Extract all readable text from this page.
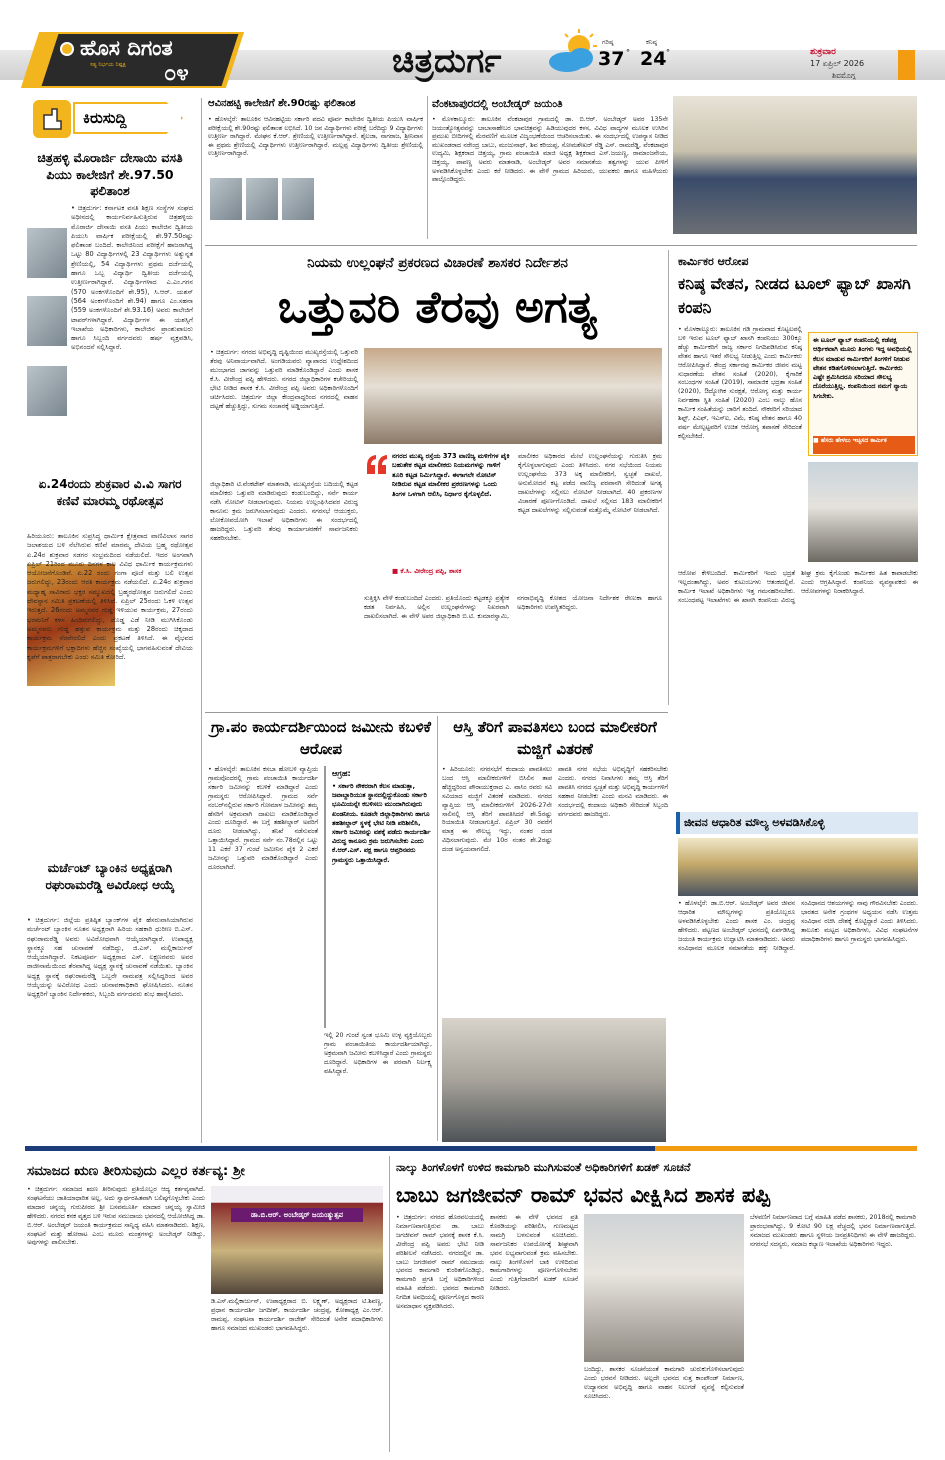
ಹೊಸ ದಿಗಂತ
ಸತ್ಯ ನಿರ್ಭಯ ನಿಷ್ಪಕ್ಷ	೦೪	ಚಿತ್ರದುರ್ಗ	ಗರಿಷ್ಠ
37 °
ಕನಿಷ್ಠ
24 °	ಶುಕ್ರವಾರ
17 ಏಪ್ರಿಲ್ 2026
ಶಿವಮೊಗ್ಗ
ಕಿರುಸುದ್ದಿ
ಚಿತ್ರಹಳ್ಳಿ ಮೊರಾರ್ಜಿ ದೇಸಾಯಿ ವಸತಿ ಪಿಯು ಕಾಲೇಜಿಗೆ ಶೇ.97.50 ಫಲಿತಾಂಶ
• ಚಿತ್ರದುರ್ಗ: ಕರ್ನಾಟಕ ವಸತಿ ಶಿಕ್ಷಣ ಸಂಸ್ಥೆಗಳ ಸಂಘದ ಅಧೀನದಲ್ಲಿ ಕಾರ್ಯನಿರ್ವಹಿಸುತ್ತಿರುವ ಚಿತ್ರಹಳ್ಳಿಯ ಮೊರಾರ್ಜಿ ದೇಸಾಯಿ ವಸತಿ ಪಿಯು ಕಾಲೇಜಿನ ದ್ವಿತೀಯ ಪಿಯುಸಿ ವಾರ್ಷಿಕ ಪರೀಕ್ಷೆಯಲ್ಲಿ ಶೇ.97.50ರಷ್ಟು ಫಲಿತಾಂಶ ಬಂದಿದೆ. ಕಾಲೇಜಿನಿಂದ ಪರೀಕ್ಷೆಗೆ ಹಾಜರಾಗಿದ್ದ ಒಟ್ಟು 80 ವಿದ್ಯಾರ್ಥಿಗಳಲ್ಲಿ 23 ವಿದ್ಯಾರ್ಥಿಗಳು ಅತ್ಯುನ್ನತ ಶ್ರೇಣಿಯಲ್ಲಿ, 54 ವಿದ್ಯಾರ್ಥಿಗಳು ಪ್ರಥಮ ದರ್ಜೆಯಲ್ಲಿ ಹಾಗೂ ಒಬ್ಬ ವಿದ್ಯಾರ್ಥಿ ದ್ವಿತೀಯ ದರ್ಜೆಯಲ್ಲಿ ಉತ್ತೀರ್ಣರಾಗಿದ್ದಾರೆ. ವಿದ್ಯಾರ್ಥಿಗಳಾದ ಎ.ಎಂ.ಗಗನ (570 ಅಂಕಗಳೊಂದಿಗೆ ಶೇ.95), ಸಿ.ಆರ್. ಯಶಸ್ (564 ಅಂಕಗಳೊಂದಿಗೆ ಶೇ.94) ಹಾಗೂ ಎಂ.ಸಹನಾ (559 ಅಂಕಗಳೊಂದಿಗೆ ಶೇ.93.16) ಅವರು ಕಾಲೇಜಿಗೆ ಟಾಪರ್‌ಗಳಾಗಿದ್ದಾರೆ. ವಿದ್ಯಾರ್ಥಿಗಳ ಈ ಯಶಸ್ಸಿಗೆ ಇಲಾಖೆಯ ಅಧಿಕಾರಿಗಳು, ಕಾಲೇಜಿನ ಪ್ರಾಂಶುಪಾಲರು ಹಾಗೂ ಸಿಬ್ಬಂದಿ ವರ್ಗದವರು ಹರ್ಷ ವ್ಯಕ್ತಪಡಿಸಿ, ಅಭಿನಂದನೆ ಸಲ್ಲಿಸಿದ್ದಾರೆ.
ಏ.24ರಂದು ಶುಕ್ರವಾರ ವಿ.ವಿ ಸಾಗರ ಕಣಿವೆ ಮಾರಮ್ಮ ರಥೋತ್ಸವ
ಹಿರಿಯೂರು: ತಾಲೂಕಿನ ಸುಪ್ರಸಿದ್ಧ ಧಾರ್ಮಿಕ ಕ್ಷೇತ್ರವಾದ ವಾಣಿವಿಲಾಸ ಸಾಗರ ಜಲಾಶಯದ ಬಳಿ ನೆಲೆಸಿರುವ ಕಣಿವೆ ಮಾರಮ್ಮ ದೇವಿಯ ಬ್ರಹ್ಮ ರಥೋತ್ಸವ ಏ.24ರ ಶುಕ್ರವಾರ ಸಡಗರ ಸಂಭ್ರಮದಿಂದ ನಡೆಯಲಿದೆ. ಇದರ ಅಂಗವಾಗಿ ಏಪ್ರಿಲ್ 21ರಿಂದ ಮೂರು ದಿನಗಳ ಕಾಲ ವಿವಿಧ ಧಾರ್ಮಿಕ ಕಾರ್ಯಕ್ರಮಗಳು ಆಯೋಜನೆಗೊಂಡಿವೆ. ಏ.22 ರಂದು ಗಂಗಾ ಪೂಜೆ ಮತ್ತು ಬಲಿ ಉತ್ಸವ ಜರುಗಲಿದ್ದು, 23ರಂದು ಆರತಿ ಕಾರ್ಯಕ್ರಮ ನಡೆಯಲಿದೆ. ಏ.24ರ ಶುಕ್ರವಾರ ಮಧ್ಯಾಹ್ನ ಸಾವಿರಾರು ಭಕ್ತರ ಸಮ್ಮುಖದಲ್ಲಿ ಬ್ರಹ್ಮರಥೋತ್ಸವ ಜರುಗಲಿದೆ ಎಂದು ದೇವಸ್ಥಾನ ಸಮಿತಿ ಪ್ರಕಟಣೆಯಲ್ಲಿ ತಿಳಿಸಿದೆ. ಏಪ್ರಿಲ್ 25ರಂದು ಓಕಳಿ ಉತ್ಸವ ಇರುತ್ತದೆ. 26ರಂದು ಅಮ್ಮನವರ ಗುಡ್ಡ ಇಳಿಯುವ ಕಾರ್ಯಕ್ರಮ, 27ರಂದು ಭರಮನಿಗೆ ಕಳಸ ಹಿಂದಿರುಗಲಿದ್ದು, ದೊಡ್ಡ ಎಡೆ ನೀಡಿ ಮುಗಿಸಿಕೊಂಡು ಅಮ್ಮನವರು ಗುಡ್ಡ ಹತ್ತುವ ಕಾರ್ಯಕ್ರಮ ಮತ್ತು 28ರಂದು ಚಿಕ್ಕದಾದ ಕಾರ್ಯಕ್ರಮ ನೆರವೇರಲಿದೆ ಎಂದು ಪ್ರಕಟಣೆ ತಿಳಿಸಿದೆ. ಈ ವೈಭವದ ಕಾರ್ಯಕ್ರಮಗಳಿಗೆ ಭಕ್ತಾದಿಗಳು ಹೆಚ್ಚಿನ ಸಂಖ್ಯೆಯಲ್ಲಿ ಭಾಗವಹಿಸುವಂತೆ ದೇವಿಯ ಕೃಪೆಗೆ ಪಾತ್ರರಾಗಬೇಕು ಎಂದು ಸಮಿತಿ ಕೋರಿದೆ.
ಮರ್ಚೆಂಟ್ ಬ್ಯಾಂಕಿನ ಅಧ್ಯಕ್ಷರಾಗಿ ರಘುರಾಮರೆಡ್ಡಿ ಅವಿರೋಧ ಆಯ್ಕೆ
• ಚಿತ್ರದುರ್ಗ: ಜಿಲ್ಲೆಯ ಪ್ರತಿಷ್ಠಿತ ಬ್ಯಾಂಕ್‌ಗಳ ಪೈಕಿ ಹೆಸರುವಾಸಿಯಾಗಿರುವ ಮರ್ಚೆಂಟ್ ಬ್ಯಾಂಕಿನ ನೂತನ ಅಧ್ಯಕ್ಷರಾಗಿ ಹಿರಿಯ ಸಹಕಾರಿ ಧುರೀಣ ಬಿ.ಎಸ್. ರಘುರಾಮರೆಡ್ಡಿ ಅವರು ಅವಿರೋಧವಾಗಿ ಆಯ್ಕೆಯಾಗಿದ್ದಾರೆ. ಉಪಾಧ್ಯಕ್ಷ ಸ್ಥಾನಕ್ಕೂ ಸಹ ಚುನಾವಣೆ ನಡೆದಿದ್ದು, ಜಿ.ಎಸ್. ಮಲ್ಲಿಕಾರ್ಜುನ್ ಆಯ್ಕೆಯಾಗಿದ್ದಾರೆ. ನಿಕಟಪೂರ್ವ ಅಧ್ಯಕ್ಷರಾದ ಎಸ್. ಲಕ್ಷ್ಮಣರವರು ಅವರ ರಾಜೀನಾಮೆಯಿಂದ ತೆರವಾಗಿದ್ದ ಅಧ್ಯಕ್ಷ ಸ್ಥಾನಕ್ಕೆ ಚುನಾವಣೆ ನಡೆಯಿತು. ಬ್ಯಾಂಕಿನ ಅಧ್ಯಕ್ಷ ಸ್ಥಾನಕ್ಕೆ ರಘುರಾಮರೆಡ್ಡಿ ಒಬ್ಬರೇ ನಾಮಪತ್ರ ಸಲ್ಲಿಸಿದ್ದರಿಂದ ಅವರ ಆಯ್ಕೆಯನ್ನು ಅವಿರೋಧ ಎಂದು ಚುನಾವಣಾಧಿಕಾರಿ ಘೋಷಿಸಿದರು. ನೂತನ ಅಧ್ಯಕ್ಷರಿಗೆ ಬ್ಯಾಂಕಿನ ನಿರ್ದೇಶಕರು, ಸಿಬ್ಬಂದಿ ವರ್ಗದವರು ಶುಭ ಹಾರೈಸಿದರು.
ಆವಿನಹಟ್ಟಿ ಕಾಲೇಜಿಗೆ ಶೇ.90ರಷ್ಟು ಫಲಿತಾಂಶ
• ಹೊಳಲ್ಕೆರೆ: ತಾಲೂಕಿನ ಆವಿನಹಟ್ಟಿಯ ಸರ್ಕಾರಿ ಪದವಿ ಪೂರ್ವ ಕಾಲೇಜಿನ ದ್ವಿತೀಯ ಪಿಯುಸಿ ವಾರ್ಷಿಕ ಪರೀಕ್ಷೆಯಲ್ಲಿ ಶೇ.90ರಷ್ಟು ಫಲಿತಾಂಶ ಲಭಿಸಿದೆ. 10 ಜನ ವಿದ್ಯಾರ್ಥಿಗಳು ಪರೀಕ್ಷೆ ಬರೆದಿದ್ದು 9 ವಿದ್ಯಾರ್ಥಿಗಳು ಉತ್ತೀರ್ಣ ರಾಗಿದ್ದಾರೆ. ಮೇಘನ ಕೆ.ಆರ್. ಶ್ರೇಣಿಯಲ್ಲಿ ಉತ್ತೀರ್ಣರಾಗಿದ್ದಾರೆ. ಶೈಲಜಾ, ನಾಗರಾಜ, ಶ್ರೀನಿವಾಸ ಈ ಪ್ರಥಮ ಶ್ರೇಣಿಯಲ್ಲಿ ವಿದ್ಯಾರ್ಥಿಗಳು ಉತ್ತೀರ್ಣರಾಗಿದ್ದಾರೆ. ಮಲ್ಲಪ್ಪ ವಿದ್ಯಾರ್ಥಿಗಳು ದ್ವಿತೀಯ ಶ್ರೇಣಿಯಲ್ಲಿ ಉತ್ತೀರ್ಣರಾಗಿದ್ದಾರೆ.
ವೆಂಕಟಾಪುರದಲ್ಲಿ ಅಂಬೇಡ್ಕರ್ ಜಯಂತಿ
• ಮೊಳಕಾಲ್ಮೂರು: ತಾಲೂಕಿನ ವೆಂಕಟಾಪುರ ಗ್ರಾಮದಲ್ಲಿ ಡಾ. ಬಿ.ಆರ್. ಅಂಬೇಡ್ಕರ್ ಅವರ 135ನೇ ಜಯಂತ್ಯೋತ್ಸವವನ್ನು ಬಾಬಾಸಾಹೇಬರ ಭಾವಚಿತ್ರವನ್ನು ಹಿಡಿಯುವುದರ ಕಳಸ, ವಿವಿಧ ವಾದ್ಯಗಳ ಮೂಲಕ ಉಸಿರಿನ ಪ್ರಮುಖ ಬೀದಿಗಳಲ್ಲಿ ಮೆರವಣಿಗೆ ಮೂಲಕ ವಿಜೃಂಭಣೆಯಿಂದ ಆಚರಿಸಲಾಯಿತು. ಈ ಸಂದರ್ಭದಲ್ಲಿ ಉಪನ್ಯಾಸ ನೀಡಿದ ಮುಖಂಡರಾದ ನರೇಂದ್ರ ಬಾಬು, ಮಂಜುನಾಥ್, ಶಿವ ಕರಿಯಪ್ಪ, ಸೋಮಶೇಖರ್ ರೆಡ್ಡಿ ಎಸ್. ರಾಮರೆಡ್ಡಿ, ವೆಂಕಟಾಪುರ ಉದ್ಯಮಿ, ಶಿಕ್ಷಕರಾದ ಚಿತ್ತಯ್ಯ, ಗ್ರಾಮ ಪಂಚಾಯಿತಿ ಮಾಜಿ ಅಧ್ಯಕ್ಷ ಶಿಕ್ಷಕರಾದ ಎಸ್.ಜಯಣ್ಣ, ರಾಮಾಂಜನೇಯ, ಚಿತ್ತಯ್ಯ, ಪಾಪಣ್ಣ ಅವರು ಮಾತನಾಡಿ, ಅಂಬೇಡ್ಕರ್ ಅವರ ಸಮಾನತೆಯ ತತ್ವಗಳನ್ನು ಯುವ ಪೀಳಿಗೆ ಅಳವಡಿಸಿಕೊಳ್ಳಬೇಕು ಎಂದು ಕರೆ ನೀಡಿದರು. ಈ ವೇಳೆ ಗ್ರಾಮದ ಹಿರಿಯರು, ಯುವಕರು ಹಾಗೂ ಮಹಿಳೆಯರು ಪಾಲ್ಗೊಂಡಿದ್ದರು.
ನಿಯಮ ಉಲ್ಲಂಘನೆ ಪ್ರಕರಣದ ವಿಚಾರಣೆ ಶಾಸಕರ ನಿರ್ದೇಶನ
ಒತ್ತುವರಿ ತೆರವು ಅಗತ್ಯ
• ಚಿತ್ರದುರ್ಗ: ನಗರದ ಅಭಿವೃದ್ಧಿ ದೃಷ್ಟಿಯಿಂದ ಮುಖ್ಯರಸ್ತೆಯಲ್ಲಿ ಒತ್ತುವರಿ ತೆರವು ಅನಿವಾರ್ಯವಾಗಿದೆ. ಅಂಗಡಿಯವರು ವ್ಯಾಪಾರದ ಉದ್ದೇಶದಿಂದ ಮುಂಭಾಗದ ಜಾಗವನ್ನು ಒತ್ತುವರಿ ಮಾಡಿಕೊಂಡಿದ್ದಾರೆ ಎಂದು ಶಾಸಕ ಕೆ.ಸಿ. ವೀರೇಂದ್ರ ಪಪ್ಪಿ ಹೇಳಿದರು. ನಗರದ ಜಿಲ್ಲಾಧಿಕಾರಿಗಳ ಕಚೇರಿಯಲ್ಲಿ ಭೇಟಿ ನೀಡಿದ ಶಾಸಕ ಕೆ.ಸಿ. ವೀರೇಂದ್ರ ಪಪ್ಪಿ ಅವರು ಅಧಿಕಾರಿಗಳೊಂದಿಗೆ ಚರ್ಚಿಸಿದರು. ಚಿತ್ರದುರ್ಗ ಜಿಲ್ಲಾ ಕೇಂದ್ರವಾದ್ದರಿಂದ ನಗರದಲ್ಲಿ ವಾಹನ ದಟ್ಟಣೆ ಹೆಚ್ಚುತ್ತಿದ್ದು, ಸುಗಮ ಸಂಚಾರಕ್ಕೆ ಅಡ್ಡಿಯಾಗುತ್ತಿದೆ.
ಜಿಲ್ಲಾಧಿಕಾರಿ ಟಿ.ವೆಂಕಟೇಶ್ ಮಾತನಾಡಿ, ಮುಖ್ಯರಸ್ತೆಯ ಬದಿಯಲ್ಲಿ ಕಟ್ಟಡ ಮಾಲೀಕರು ಒತ್ತುವರಿ ಮಾಡಿರುವುದು ಕಂಡುಬಂದಿದ್ದು, ಸರ್ವೆ ಕಾರ್ಯ ನಡೆಸಿ ನೋಟಿಸ್ ನೀಡಲಾಗುವುದು. ನಿಯಮ ಉಲ್ಲಂಘಿಸಿದವರ ವಿರುದ್ಧ ಕಾನೂನು ಕ್ರಮ ಜರುಗಿಸಲಾಗುವುದು ಎಂದರು. ನಗರಸಭೆ ಆಯುಕ್ತರು, ಲೋಕೋಪಯೋಗಿ ಇಲಾಖೆ ಅಧಿಕಾರಿಗಳು ಈ ಸಂದರ್ಭದಲ್ಲಿ ಹಾಜರಿದ್ದರು. ಒತ್ತುವರಿ ತೆರವು ಕಾರ್ಯಾಚರಣೆಗೆ ಸಾರ್ವಜನಿಕರು ಸಹಕರಿಸಬೇಕು.
ನಗರದ ಮುಖ್ಯ ರಸ್ತೆಯ 373 ವಾಣಿಜ್ಯ ಮಳಿಗೆಗಳ ಪೈಕಿ ಬಹುತೇಕ ಕಟ್ಟಡ ಮಾಲೀಕರು ನಿಯಮಗಳನ್ನು ಗಾಳಿಗೆ ತೂರಿ ಕಟ್ಟಡ ನಿರ್ಮಿಸಿದ್ದಾರೆ. ಈಗಾಗಲೇ ನೋಟಿಸ್ ನೀಡಿರುವ ಕಟ್ಟಡ ಮಾಲೀಕರ ಪ್ರಕರಣಗಳನ್ನು ಒಂದು ತಿಂಗಳ ಒಳಗಾಗಿ ಆಲಿಸಿ, ನಿರ್ಧಾರ ಕೈಗೊಳ್ಳಲಿದೆ.
■ ಕೆ.ಸಿ. ವೀರೇಂದ್ರ ಪಪ್ಪಿ, ಶಾಸಕ
ಮಾಲೀಕರ ಅಧಿಕಾರದ ಮೇಲೆ ಉಲ್ಲಂಘನೆಯನ್ನು ಗುರುತಿಸಿ ಕ್ರಮ ಕೈಗೊಳ್ಳಲಾಗುವುದು ಎಂದು ತಿಳಿಸಿದರು. ನಗರ ಸಭೆಯಿಂದ ನಿಯಮ ಉಲ್ಲಂಘನೆಯ 373 ಅಕ್ಕ ಮಾಲೀಕರಿಗೆ, ಸ್ವಚ್ಛತೆ ದಾಖಲೆ, ಅನುಮೋದನೆ ಕಟ್ಟ ಪಡೆದ ವಾಣಿಜ್ಯ ಪರವಾನಗಿ ಸೇರಿದಂತೆ ಅಗತ್ಯ ದಾಖಲೆಗಳನ್ನು ಸಲ್ಲಿಸಲು ನೋಟಿಸ್ ನೀಡಲಾಗಿದೆ. 40 ಪ್ರಕರಣಗಳ ವಿಚಾರಣೆ ಪೂರ್ಣಗೊಂಡಿದೆ. ದಾಖಲೆ ಸಲ್ಲಿಸದ 183 ಮಾಲೀಕರಿಗೆ ಕಟ್ಟಡ ದಾಖಲೆಗಳನ್ನು ಸಲ್ಲಿಸುವಂತೆ ಮತ್ತೊಮ್ಮೆ ನೋಟಿಸ್ ನೀಡಲಾಗಿದೆ.
ಸುತ್ತಿಕ್ಕಿಸಿ ವೇಳೆ ಕಂಡುಬಂದಿದೆ ಎಂದರು. ಪ್ರತಿಯೊಂದು ಕಟ್ಟಡಕ್ಕೂ ಪ್ರತ್ಯೇಕ ಕಡತ ನಿರ್ವಹಿಸಿ, ಅಲ್ಲಿನ ಉಲ್ಲಂಘನೆಗಳನ್ನು ನಿಖರವಾಗಿ ದಾಖಲಿಸಲಾಗಿದೆ. ಈ ವೇಳೆ ಅಪರ ಜಿಲ್ಲಾಧಿಕಾರಿ ಬಿ.ಟಿ. ಕುಮಾರಸ್ವಾಮಿ, ನಗರಾಭಿವೃದ್ಧಿ ಕೋಶದ ಯೋಜನಾ ನಿರ್ದೇಶಕ ರೇಣುಕಾ ಹಾಗೂ ಅಧಿಕಾರಿಗಳು ಉಪಸ್ಥಿತರಿದ್ದರು.
ಕಾರ್ಮಿಕರ ಆರೋಪ
ಕನಿಷ್ಠ ವೇತನ, ನೀಡದ ಟೂಲ್ ಫ್ಯಾಬ್ ಖಾಸಗಿ ಕಂಪನಿ
• ಮೊಳಕಾಲ್ಮೂರು: ತಾಲೂಕಿನ ಗಡಿ ಗ್ರಾಮವಾದ ಕೊಟ್ಟಲಪಲ್ಲಿ ಬಳಿ ಇರುವ ಟೂಲ್ ಫ್ಯಾಬ್ ಖಾಸಗಿ ಕಂಪನಿಯು 300ಕ್ಕೂ ಹೆಚ್ಚು ಕಾರ್ಮಿಕರಿಗೆ ರಾಜ್ಯ ಸರ್ಕಾರ ನಿಗದಿಪಡಿಸಿರುವ ಕನಿಷ್ಠ ವೇತನ ಹಾಗೂ ಇತರೆ ಸೌಲಭ್ಯ ನೀಡುತ್ತಿಲ್ಲ ಎಂದು ಕಾರ್ಮಿಕರು ಆರೋಪಿಸಿದ್ದಾರೆ. ಕೇಂದ್ರ ಸರ್ಕಾರವು ಕಾರ್ಮಿಕರ ಜೀವನ ಮಟ್ಟ ಸುಧಾರಣೆಯ ವೇತನ ಸಂಹಿತೆ (2020), ಕೈಗಾರಿಕೆ ಸಂಬಂಧಗಳ ಸಂಹಿತೆ (2019), ಸಾಮಾಜಿಕ ಭದ್ರತಾ ಸಂಹಿತೆ (2020), ಔದ್ಯೋಗಿಕ ಸುರಕ್ಷತೆ, ಆರೋಗ್ಯ ಮತ್ತು ಕಾರ್ಯ ನಿರ್ವಹಣಾ ಸ್ಥಿತಿ ಸಂಹಿತೆ (2020) ಎಂಬ ನಾಲ್ಕು ಹೊಸ ಕಾರ್ಮಿಕ ಸಂಹಿತೆಯನ್ನು ಜಾರಿಗೆ ತಂದಿದೆ. ನೌಕರರಿಗೆ ಸರಿಯಾದ ಶಿಫ್ಟ್, ಪಿಎಫ್, ಇಎಸ್‌ಐ, ವಿಮೆ, ಕನಿಷ್ಠ ವೇತನ ಹಾಗೂ 40 ವರ್ಷ ಮೇಲ್ಪಟ್ಟವರಿಗೆ ಉಚಿತ ಆರೋಗ್ಯ ತಪಾಸಣೆ ಸೇರಿದಂತೆ ಕಲ್ಪಿಸಬೇಕಿದೆ.
ಈ ಟೂಲ್ ಫ್ಯಾಬ್ ಕಂಪನಿಯಲ್ಲಿ ಕಡೆಪಕ್ಷ ಆರ್ಥಿಕವಾಗಿ ಮೂರು ತಿಂಗಳು ಇದ್ದ ಅವಧಿಯಲ್ಲಿ ಕೆಲಸ ಮಾಡುವ ಕಾರ್ಮಿಕರಿಗೆ ತಿಂಗಳಿಗೆ ನೀಡುವ ವೇತನ ಕಡಿತಗೊಳಿಸಲಾಗುತ್ತಿದೆ. ಕಾರ್ಮಿಕರು ಎಷ್ಟೇ ಶ್ರಮಿಸಿದರೂ ಸರಿಯಾದ ಸೌಲಭ್ಯ ದೊರೆಯುತ್ತಿಲ್ಲ. ಕಂಪನಿಯಿಂದ ನಮಗೆ ನ್ಯಾಯ ಸಿಗಬೇಕು.
■ ಹೆಸರು ಹೇಳಲು ಇಚ್ಛಿಸದ ಕಾರ್ಮಿಕ
ಆರೋಪ ಕೇಳಿಬಂದಿದೆ. ಕಾರ್ಮಿಕರಿಗೆ ಇಂದು ಭದ್ರತೆ ಇಲ್ಲದಂತಾಗಿದ್ದು, ಅವರ ಕುಟುಂಬಗಳು ಆತಂಕದಲ್ಲಿವೆ. ಕಾರ್ಮಿಕ ಇಲಾಖೆ ಅಧಿಕಾರಿಗಳು ಇತ್ತ ಗಮನಹರಿಸಬೇಕು. ಸಂಬಂಧಪಟ್ಟ ಇಲಾಖೆಗಳು ಈ ಖಾಸಗಿ ಕಂಪನಿಯ ವಿರುದ್ಧ ಶೀಘ್ರ ಕ್ರಮ ಕೈಗೊಂಡು ಕಾರ್ಮಿಕರ ಹಿತ ಕಾಪಾಡಬೇಕು ಎಂದು ಆಗ್ರಹಿಸಿದ್ದಾರೆ. ಕಂಪನಿಯ ವ್ಯವಸ್ಥಾಪಕರು ಈ ಆರೋಪಗಳನ್ನು ನಿರಾಕರಿಸಿದ್ದಾರೆ.
ಗ್ರಾ.ಪಂ ಕಾರ್ಯದರ್ಶಿಯಿಂದ ಜಮೀನು ಕಬಳಿಕೆ ಆರೋಪ
• ಹೊಳಲ್ಕೆರೆ: ತಾಲೂಕಿನ ಕಸಬಾ ಹೋಬಳಿ ವ್ಯಾಪ್ತಿಯ ಗ್ರಾಮವೊಂದರಲ್ಲಿ ಗ್ರಾಮ ಪಂಚಾಯಿತಿ ಕಾರ್ಯದರ್ಶಿ ಸರ್ಕಾರಿ ಜಮೀನನ್ನು ಕಬಳಿಕೆ ಮಾಡಿದ್ದಾರೆ ಎಂದು ಗ್ರಾಮಸ್ಥರು ಆರೋಪಿಸಿದ್ದಾರೆ. ಗ್ರಾಮದ ಸರ್ವೆ ನಂಬರ್‌ನಲ್ಲಿರುವ ಸರ್ಕಾರಿ ಗೋಮಾಳ ಜಮೀನನ್ನು ತಮ್ಮ ಹೆಸರಿಗೆ ಅಕ್ರಮವಾಗಿ ದಾಖಲು ಮಾಡಿಕೊಂಡಿದ್ದಾರೆ ಎಂದು ದೂರಿದ್ದಾರೆ. ಈ ಬಗ್ಗೆ ತಹಶೀಲ್ದಾರ್ ಅವರಿಗೆ ದೂರು ನೀಡಲಾಗಿದ್ದು, ತನಿಖೆ ನಡೆಸುವಂತೆ ಒತ್ತಾಯಿಸಿದ್ದಾರೆ. ಗ್ರಾಮದ ಸರ್ವೆ ನಂ.78ರಲ್ಲಿನ ಒಟ್ಟು 11 ಎಕರೆ 37 ಗುಂಟೆ ಜಮೀನಿನ ಪೈಕಿ 2 ಎಕರೆ ಜಮೀನನ್ನು ಒತ್ತುವರಿ ಮಾಡಿಕೊಂಡಿದ್ದಾರೆ ಎಂದು ದೂರಲಾಗಿದೆ.
ಆಗ್ರಹ:
• ಸರ್ಕಾರಿ ನೌಕರರಾಗಿ ಕೆಲಸ ಮಾಡುತ್ತಾ, ಜವಾಬ್ದಾರಿಯುತ ಸ್ಥಾನದಲ್ಲಿದ್ದುಕೊಂಡು ಸರ್ಕಾರಿ ಭೂಮಿಯನ್ನೇ ಕಬಳಿಸಲು ಮುಂದಾಗಿರುವುದು ಖಂಡನೀಯ. ಕೂಡಲೇ ಜಿಲ್ಲಾಧಿಕಾರಿಗಳು ಹಾಗೂ ತಹಶೀಲ್ದಾರ್ ಸ್ಥಳಕ್ಕೆ ಭೇಟಿ ನೀಡಿ ಪರಿಶೀಲಿಸಿ, ಸರ್ಕಾರಿ ಜಮೀನನ್ನು ವಶಕ್ಕೆ ಪಡೆದು ಕಾರ್ಯದರ್ಶಿ ವಿರುದ್ಧ ಕಾನೂನು ಕ್ರಮ ಜರುಗಿಸಬೇಕು ಎಂದು ಕೆ.ಆರ್.ಎಸ್. ಪಕ್ಷ ಹಾಗೂ ಆಪ್ತರಿನವರು ಗ್ರಾಮಸ್ಥರು ಒತ್ತಾಯಿಸಿದ್ದಾರೆ.
ಇಲ್ಲಿ 20 ಗುಂಟೆ ಸ್ವಂತ ಭೂಮಿ ಉಳ್ಳ ವ್ಯಕ್ತಿಯೊಬ್ಬರು ಗ್ರಾಮ ಪಂಚಾಯಿತಿಯ ಕಾರ್ಯದರ್ಶಿಯಾಗಿದ್ದು, ಅಕ್ರಮವಾಗಿ ಜಮೀನು ಕಬಳಿಸಿದ್ದಾರೆ ಎಂದು ಗ್ರಾಮಸ್ಥರು ದೂರಿದ್ದಾರೆ. ಅಧಿಕಾರಿಗಳ ಈ ಪರವಾಗಿ ನಿರ್ಲಕ್ಷ್ಯ ವಹಿಸಿದ್ದಾರೆ.
ಆಸ್ತಿ ತೆರಿಗೆ ಪಾವತಿಸಲು ಬಂದ ಮಾಲೀಕರಿಗೆ ಮಜ್ಜಿಗೆ ವಿತರಣೆ
• ಹಿರಿಯೂರು: ನಗರಸಭೆಗೆ ಕಂದಾಯ ಪಾವತಿಸಲು ಬಂದ ಆಸ್ತಿ ಮಾಲೀಕರುಗಳಿಗೆ ಬಿಸಿಲಿನ ತಾಪ ಹೆಚ್ಚಿದ್ದರಿಂದ ಪೌರಾಯುಕ್ತರಾದ ಎ. ವಾಸಿಂ ರವರು ಸವಿ ಸವಿಯಾದ ಮಜ್ಜಿಗೆ ವಿತರಣೆ ಮಾಡಿದರು. ನಗರದ ವ್ಯಾಪ್ತಿಯ ಆಸ್ತಿ ಮಾಲೀಕರುಗಳಿಗೆ 2026-27ನೇ ಸಾಲಿನಲ್ಲಿ ಆಸ್ತಿ ತೆರಿಗೆ ಪಾವತಿಸಿದರೆ ಶೇ.5ರಷ್ಟು ರಿಯಾಯಿತಿ ನೀಡಲಾಗುತ್ತಿದೆ. ಏಪ್ರಿಲ್ 30 ರವರೆಗೆ ಮಾತ್ರ ಈ ಸೌಲಭ್ಯ ಇದ್ದು, ನಂತರ ದಂಡ ವಿಧಿಸಲಾಗುವುದು. ಮೇ 10ರ ನಂತರ ಶೇ.2ರಷ್ಟು ದಂಡ ಅನ್ವಯವಾಗಲಿದೆ.
ಪಾವತಿ ನಗರ ಸಭೆಯ ಅಭಿವೃದ್ಧಿಗೆ ಸಹಕರಿಸಬೇಕು ಎಂದರು. ನಗರದ ನಿವಾಸಿಗಳು ತಮ್ಮ ಆಸ್ತಿ ತೆರಿಗೆ ಪಾವತಿಸಿ ನಗರದ ಸ್ವಚ್ಛತೆ ಮತ್ತು ಅಭಿವೃದ್ಧಿ ಕಾರ್ಯಗಳಿಗೆ ಸಹಕಾರ ನೀಡಬೇಕು ಎಂದು ಮನವಿ ಮಾಡಿದರು. ಈ ಸಂದರ್ಭದಲ್ಲಿ ಕಂದಾಯ ಅಧಿಕಾರಿ ಸೇರಿದಂತೆ ಸಿಬ್ಬಂದಿ ವರ್ಗದವರು ಹಾಜರಿದ್ದರು.
ಜೀವನ ಆಧಾರಿತ ಮೌಲ್ಯ ಅಳವಡಿಸಿಕೊಳ್ಳಿ
• ಹೊಳಲ್ಕೆರೆ: ಡಾ.ಬಿ.ಆರ್. ಅಂಬೇಡ್ಕರ್ ಅವರ ಜೀವನ ಆಧಾರಿತ ಮೌಲ್ಯಗಳನ್ನು ಪ್ರತಿಯೊಬ್ಬರೂ ಅಳವಡಿಸಿಕೊಳ್ಳಬೇಕು ಎಂದು ಶಾಸಕ ಎಂ. ಚಂದ್ರಪ್ಪ ಹೇಳಿದರು. ಪಟ್ಟಣದ ಅಂಬೇಡ್ಕರ್ ಭವನದಲ್ಲಿ ಏರ್ಪಡಿಸಿದ್ದ ಜಯಂತಿ ಕಾರ್ಯಕ್ರಮ ಉದ್ಘಾಟಿಸಿ ಮಾತನಾಡಿದರು. ಅವರು ಸಂವಿಧಾನದ ಮೂಲಕ ಸಮಾನತೆಯ ಹಕ್ಕು ನೀಡಿದ್ದಾರೆ. ಸಂವಿಧಾನದ ಆಶಯಗಳನ್ನು ನಾವು ಗೌರವಿಸಬೇಕು ಎಂದರು. ಭಾರತದ ಅನೇಕ ಗ್ರಂಥಗಳ ಅಧ್ಯಯನ ನಡೆಸಿ ಉತ್ತಮ ಸಂವಿಧಾನ ರಚಿಸಿ ದೇಶಕ್ಕೆ ಕೊಟ್ಟಿದ್ದಾರೆ ಎಂದು ತಿಳಿಸಿದರು. ತಾಲೂಕು ಮಟ್ಟದ ಅಧಿಕಾರಿಗಳು, ವಿವಿಧ ಸಂಘಟನೆಗಳ ಪದಾಧಿಕಾರಿಗಳು ಹಾಗೂ ಗ್ರಾಮಸ್ಥರು ಭಾಗವಹಿಸಿದ್ದರು.
ಸಮಾಜದ ಋಣ ತೀರಿಸುವುದು ಎಲ್ಲರ ಕರ್ತವ್ಯ: ಶ್ರೀ
• ಚಿತ್ರದುರ್ಗ: ಸಮಾಜದ ಋಣ ತೀರಿಸುವುದು ಪ್ರತಿಯೊಬ್ಬರ ಆದ್ಯ ಕರ್ತವ್ಯವಾಗಿದೆ. ಸಂಘಟನೆಯು ಜಾತಿಯಾಧಾರಿತ ಅಲ್ಲ, ಅದು ಸ್ವಾರ್ಥರಹಿತವಾಗಿ ಬಲಿಷ್ಠಗೊಳ್ಳಬೇಕು ಎಂದು ಮಾದಾರ ಚನ್ನಯ್ಯ ಗುರುಪೀಠದ ಶ್ರೀ ಬಸವಮೂರ್ತಿ ಮಾದಾರ ಚನ್ನಯ್ಯ ಸ್ವಾಮೀಜಿ ಹೇಳಿದರು. ನಗರದ ಕನಕ ವೃತ್ತದ ಬಳಿ ಇರುವ ಸಮುದಾಯ ಭವನದಲ್ಲಿ ಆಯೋಜಿಸಿದ್ದ ಡಾ. ಬಿ.ಆರ್. ಅಂಬೇಡ್ಕರ್ ಜಯಂತಿ ಕಾರ್ಯಕ್ರಮದ ಸಾನ್ನಿಧ್ಯ ವಹಿಸಿ ಮಾತನಾಡಿದರು. ಶಿಕ್ಷಣ, ಸಂಘಟನೆ ಮತ್ತು ಹೋರಾಟ ಎಂಬ ಮೂರು ಮಂತ್ರಗಳನ್ನು ಅಂಬೇಡ್ಕರ್ ನೀಡಿದ್ದು, ಅವುಗಳನ್ನು ಪಾಲಿಸಬೇಕು.
ಡಾ.ಬಿ.ಆರ್. ಅಂಬೇಡ್ಕರ್ ಜಯಂತ್ಯುತ್ಸವ
ಡಿ.ಎಸ್.ಮಲ್ಲಿಕಾರ್ಜುನ್, ಉಪಾಧ್ಯಕ್ಷರಾದ ಬಿ. ಲಕ್ಷ್ಮಣ್, ಅಧ್ಯಕ್ಷರಾದ ಟಿ.ಶಿವಣ್ಣ, ಪ್ರಧಾನ ಕಾರ್ಯದರ್ಶಿ ಜಗದೀಶ್, ಕಾರ್ಯದರ್ಶಿ ಚಂದ್ರಪ್ಪ, ಕೋಶಾಧ್ಯಕ್ಷ ಎಂ.ಆರ್. ರಾಮಪ್ಪ, ಸಂಘಟನಾ ಕಾರ್ಯದರ್ಶಿ ರಾಜೇಶ್ ಸೇರಿದಂತೆ ಅನೇಕ ಪದಾಧಿಕಾರಿಗಳು ಹಾಗೂ ಸಮಾಜದ ಮುಖಂಡರು ಭಾಗವಹಿಸಿದ್ದರು.
ನಾಲ್ಕು ತಿಂಗಳೊಳಗೆ ಉಳಿದ ಕಾಮಗಾರಿ ಮುಗಿಸುವಂತೆ ಅಧಿಕಾರಿಗಳಿಗೆ ಖಡಕ್ ಸೂಚನೆ
ಬಾಬು ಜಗಜೀವನ್ ರಾಮ್ ಭವನ ವೀಕ್ಷಿಸಿದ ಶಾಸಕ ಪಪ್ಪಿ
• ಚಿತ್ರದುರ್ಗ: ನಗರದ ಹೊರವಲಯದಲ್ಲಿ ನಿರ್ಮಾಣವಾಗುತ್ತಿರುವ ಡಾ. ಬಾಬು ಜಗಜೀವನ್ ರಾಮ್ ಭವನಕ್ಕೆ ಶಾಸಕ ಕೆ.ಸಿ. ವೀರೇಂದ್ರ ಪಪ್ಪಿ ಅವರು ಭೇಟಿ ನೀಡಿ ಪರಿಶೀಲನೆ ನಡೆಸಿದರು. ನಗರದಲ್ಲಿನ ಡಾ. ಬಾಬು ಜಗಜೀವನ್ ರಾಮ್ ಸಮುದಾಯ ಭವನದ ಕಾಮಗಾರಿ ಕುಂಠಿತಗೊಂಡಿದ್ದು, ಕಾಮಗಾರಿ ಪ್ರಗತಿ ಬಗ್ಗೆ ಅಧಿಕಾರಿಗಳಿಂದ ಮಾಹಿತಿ ಪಡೆದರು. ಭವನದ ಕಾಮಗಾರಿ ನಿಗದಿತ ಅವಧಿಯಲ್ಲಿ ಪೂರ್ಣಗೊಳ್ಳದ ಕಾರಣ ಅಸಮಾಧಾನ ವ್ಯಕ್ತಪಡಿಸಿದರು.
ಶಾಸಕರು ಈ ವೇಳೆ ಭವನದ ಪ್ರತಿ ಕೊಠಡಿಯನ್ನು ಪರಿಶೀಲಿಸಿ, ಗುಣಮಟ್ಟದ ಸಾಮಗ್ರಿ ಬಳಸುವಂತೆ ಸೂಚಿಸಿದರು. ಸಾರ್ವಜನಿಕರ ಉಪಯೋಗಕ್ಕೆ ಶೀಘ್ರವಾಗಿ ಭವನ ಲಭ್ಯವಾಗುವಂತೆ ಕ್ರಮ ವಹಿಸಬೇಕು. ನಾಲ್ಕು ತಿಂಗಳೊಳಗೆ ಬಾಕಿ ಉಳಿದಿರುವ ಕಾಮಗಾರಿಗಳನ್ನು ಪೂರ್ಣಗೊಳಿಸಬೇಕು ಎಂದು ಗುತ್ತಿಗೆದಾರರಿಗೆ ಖಡಕ್ ಸೂಚನೆ ನೀಡಿದರು.
ಬಂದಿದ್ದು, ಶಾಸಕರ ಸೂಚನೆಯಂತೆ ಕಾಮಗಾರಿ ಚುರುಕುಗೊಳಿಸಲಾಗುವುದು ಎಂದು ಭರವಸೆ ನೀಡಿದರು. ಅಲ್ಲದೇ ಭವನದ ಸುತ್ತ ಕಾಂಪೌಂಡ್ ನಿರ್ಮಾಣ, ಉದ್ಯಾನವನ ಅಭಿವೃದ್ಧಿ ಹಾಗೂ ವಾಹನ ನಿಲುಗಡೆ ವ್ಯವಸ್ಥೆ ಕಲ್ಪಿಸುವಂತೆ ಸೂಚಿಸಿದರು.
ಬೆಳವಣಿಗೆ ನಿರ್ಮಾಣವಾದ ಬಗ್ಗೆ ಮಾಹಿತಿ ಪಡೆದ ಶಾಸಕರು, 2018ರಲ್ಲಿ ಕಾಮಗಾರಿ ಪ್ರಾರಂಭವಾಗಿದ್ದು, 9 ಕೋಟಿ 90 ಲಕ್ಷ ವೆಚ್ಚದಲ್ಲಿ ಭವನ ನಿರ್ಮಾಣವಾಗುತ್ತಿದೆ. ಸಮಾಜದ ಮುಖಂಡರು ಹಾಗೂ ಸ್ಥಳೀಯ ಜನಪ್ರತಿನಿಧಿಗಳು ಈ ವೇಳೆ ಹಾಜರಿದ್ದರು. ನಗರಸಭೆ ಸದಸ್ಯರು, ಸಮಾಜ ಕಲ್ಯಾಣ ಇಲಾಖೆಯ ಅಧಿಕಾರಿಗಳು ಇದ್ದರು.
